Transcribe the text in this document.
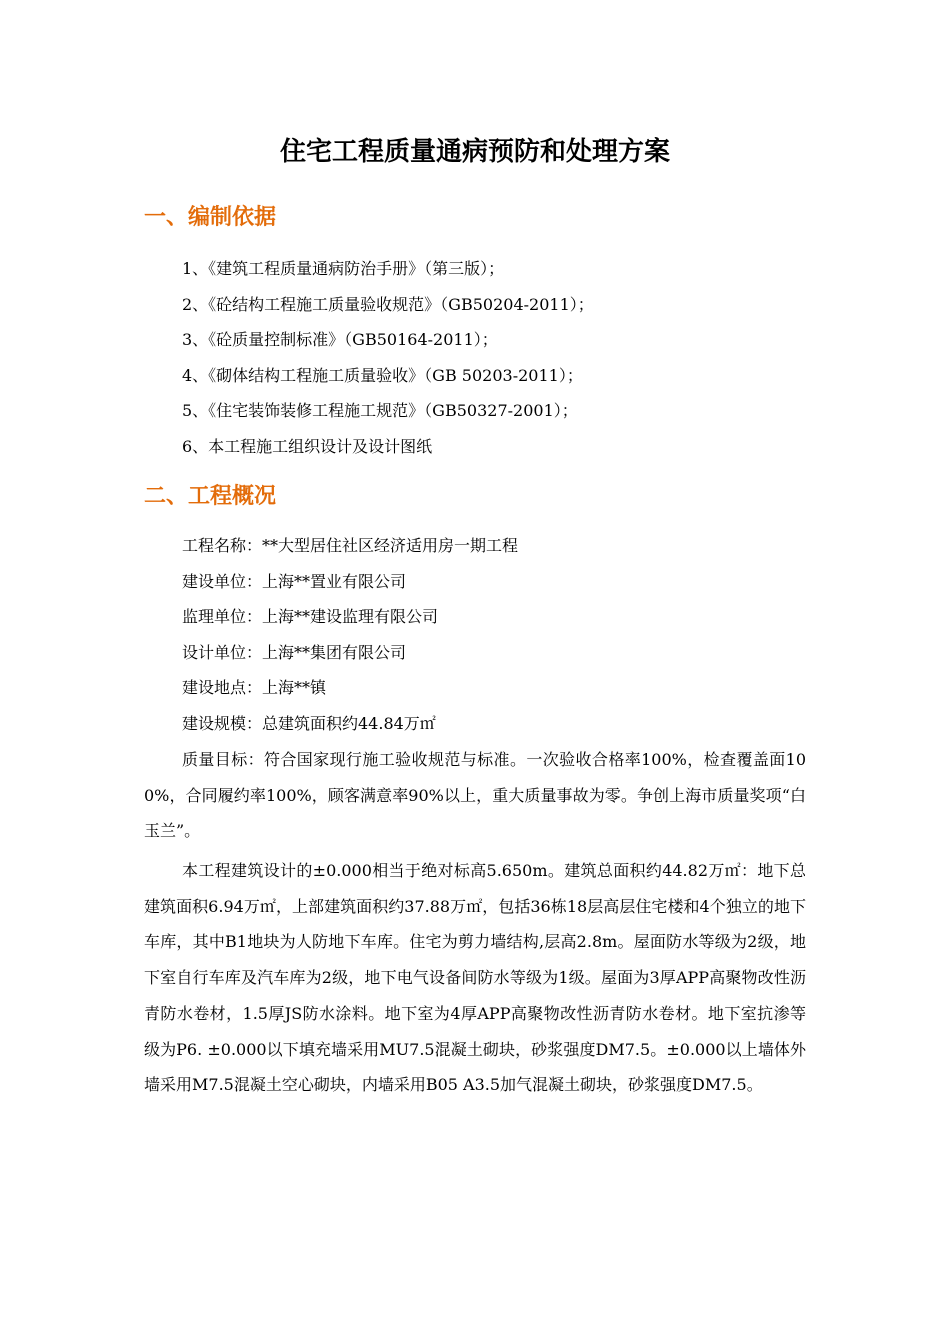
住宅工程质量通病预防和处理方案
一、编制依据
1、《建筑工程质量通病防治手册》（第三版）；
2、《砼结构工程施工质量验收规范》（GB50204-2011）；
3、《砼质量控制标准》（GB50164-2011）；
4、《砌体结构工程施工质量验收》（GB 50203-2011）；
5、《住宅装饰装修工程施工规范》（GB50327-2001）；
6、本工程施工组织设计及设计图纸
二、工程概况
工程名称：**大型居住社区经济适用房一期工程
建设单位：上海**置业有限公司
监理单位：上海**建设监理有限公司
设计单位：上海**集团有限公司
建设地点：上海**镇
建设规模：总建筑面积约44.84万㎡

质量目标：符合国家现行施工验收规范与标准。一次验收合格率100%，检查覆盖面100%，合同履约率100%，顾客满意率90%以上，重大质量事故为零。争创上海市质量奖项“白玉兰”。

本工程建筑设计的±0.000相当于绝对标高5.650m。建筑总面积约44.82万㎡：地下总建筑面积6.94万㎡，上部建筑面积约37.88万㎡，包括36栋18层高层住宅楼和4个独立的地下车库，其中B1地块为人防地下车库。住宅为剪力墙结构,层高2.8m。屋面防水等级为2级，地下室自行车库及汽车库为2级，地下电气设备间防水等级为1级。屋面为3厚APP高聚物改性沥青防水卷材，1.5厚JS防水涂料。地下室为4厚APP高聚物改性沥青防水卷材。地下室抗渗等级为P6. ±0.000以下填充墙采用MU7.5混凝土砌块，砂浆强度DM7.5。±0.000以上墙体外墙采用M7.5混凝土空心砌块，内墙采用B05 A3.5加气混凝土砌块，砂浆强度DM7.5。
